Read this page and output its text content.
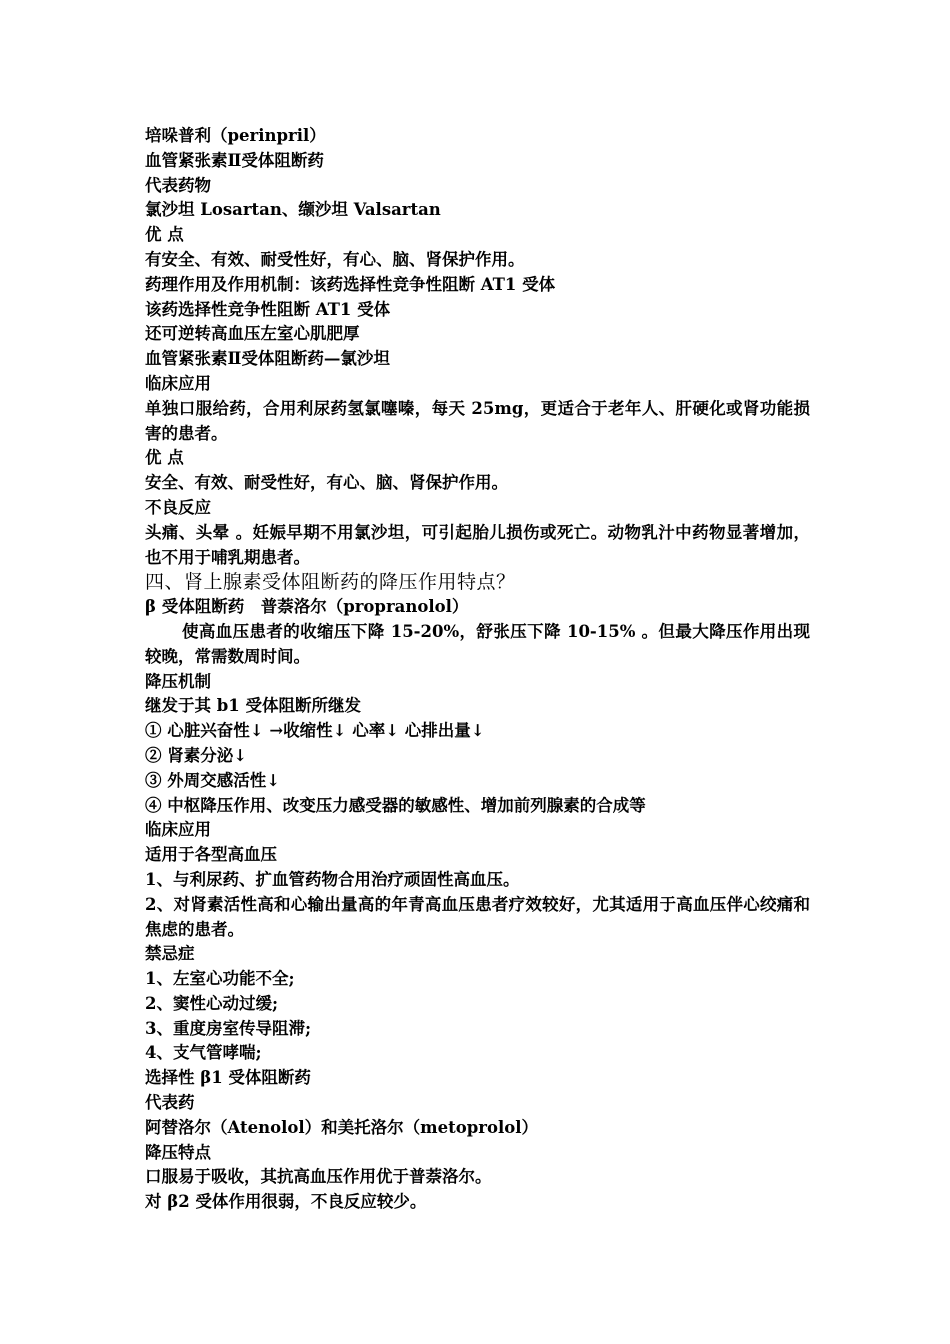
培哚普利（perinpril）
血管紧张素Ⅱ受体阻断药
代表药物
氯沙坦 Losartan、缬沙坦 Valsartan
优 点
有安全、有效、耐受性好，有心、脑、肾保护作用。
药理作用及作用机制：该药选择性竞争性阻断 AT1 受体
该药选择性竞争性阻断 AT1 受体
还可逆转高血压左室心肌肥厚
血管紧张素Ⅱ受体阻断药—氯沙坦
临床应用
单独口服给药，合用利尿药氢氯噻嗪，每天 25mg，更适合于老年人、肝硬化或肾功能损害的患者。
优 点
安全、有效、耐受性好，有心、脑、肾保护作用。
不良反应
头痛、头晕 。妊娠早期不用氯沙坦，可引起胎儿损伤或死亡。动物乳汁中药物显著增加，也不用于哺乳期患者。
四、肾上腺素受体阻断药的降压作用特点？
β 受体阻断药　普萘洛尔（propranolol）
使高血压患者的收缩压下降 15-20%，舒张压下降 10-15% 。但最大降压作用出现较晚，常需数周时间。
降压机制
继发于其 b1 受体阻断所继发
① 心脏兴奋性↓ →收缩性↓ 心率↓ 心排出量↓
② 肾素分泌↓
③ 外周交感活性↓
④ 中枢降压作用、改变压力感受器的敏感性、增加前列腺素的合成等
临床应用
适用于各型高血压
1、与利尿药、扩血管药物合用治疗顽固性高血压。
2、对肾素活性高和心输出量高的年青高血压患者疗效较好，尤其适用于高血压伴心绞痛和焦虑的患者。
禁忌症
1、左室心功能不全;
2、窦性心动过缓;
3、重度房室传导阻滞;
4、支气管哮喘;
选择性 β1 受体阻断药
代表药
阿替洛尔（Atenolol）和美托洛尔（metoprolol）
降压特点
口服易于吸收，其抗高血压作用优于普萘洛尔。
对 β2 受体作用很弱，不良反应较少。
